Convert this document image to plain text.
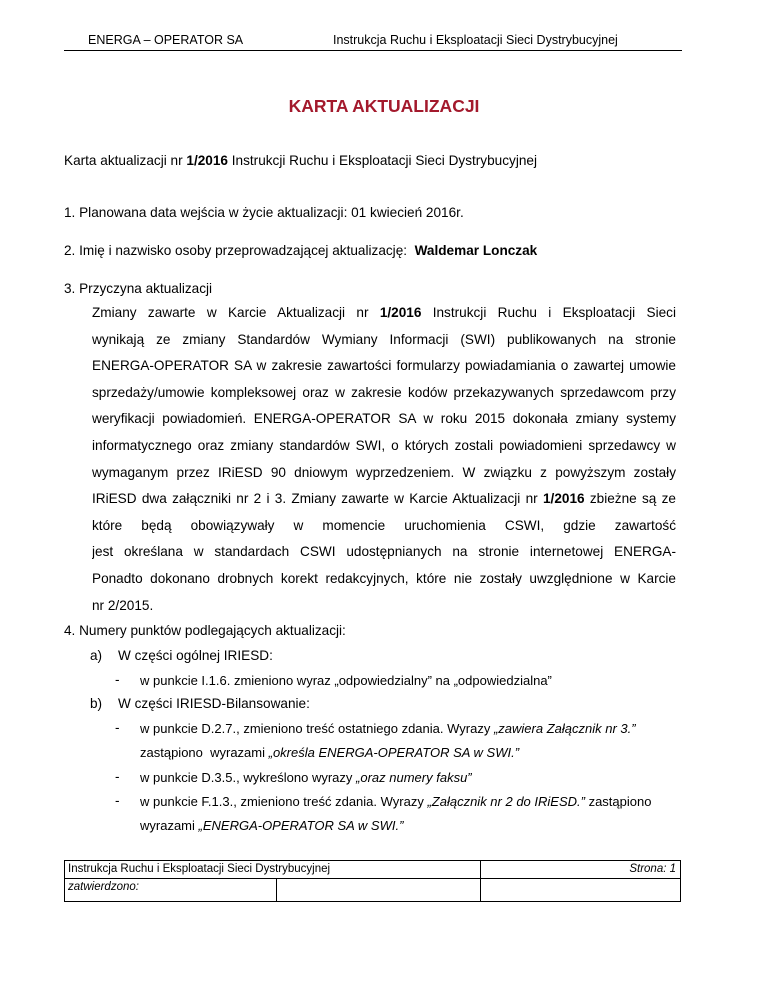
ENERGA – OPERATOR SA	Instrukcja Ruchu i Eksploatacji Sieci Dystrybucyjnej
KARTA AKTUALIZACJI
Karta aktualizacji nr 1/2016 Instrukcji Ruchu i Eksploatacji Sieci Dystrybucyjnej
1. Planowana data wejścia w życie aktualizacji: 01 kwiecień 2016r.
2. Imię i nazwisko osoby przeprowadzającej aktualizację:  Waldemar Lonczak
3. Przyczyna aktualizacji
Zmiany zawarte w Karcie Aktualizacji nr 1/2016 Instrukcji Ruchu i Eksploatacji Sieci
wynikają ze zmiany Standardów Wymiany Informacji (SWI) publikowanych na stronie
ENERGA-OPERATOR SA w zakresie zawartości formularzy powiadamiania o zawartej umowie
sprzedaży/umowie kompleksowej oraz w zakresie kodów przekazywanych sprzedawcom przy
weryfikacji powiadomień. ENERGA-OPERATOR SA w roku 2015 dokonała zmiany systemy
informatycznego oraz zmiany standardów SWI, o których zostali powiadomieni sprzedawcy w
wymaganym przez IRiESD 90 dniowym wyprzedzeniem. W związku z powyższym zostały
IRiESD dwa załączniki nr 2 i 3. Zmiany zawarte w Karcie Aktualizacji nr 1/2016 zbieżne są ze
które będą obowiązywały w momencie uruchomienia CSWI, gdzie zawartość
jest określana w standardach CSWI udostępnianych na stronie internetowej ENERGA-
Ponadto dokonano drobnych korekt redakcyjnych, które nie zostały uwzględnione w Karcie
nr 2/2015.
4. Numery punktów podlegających aktualizacji:
a) W części ogólnej IRIESD:
- w punkcie I.1.6. zmieniono wyraz „odpowiedzialny” na „odpowiedzialna”
b) W części IRIESD-Bilansowanie:
- w punkcie D.2.7., zmieniono treść ostatniego zdania. Wyrazy „zawiera Załącznik nr 3.”
zastąpiono  wyrazami „określa ENERGA-OPERATOR SA w SWI.”
- w punkcie D.3.5., wykreślono wyrazy „oraz numery faksu”
- w punkcie F.1.3., zmieniono treść zdania. Wyrazy „Załącznik nr 2 do IRiESD.” zastąpiono
wyrazami „ENERGA-OPERATOR SA w SWI.”
Instrukcja Ruchu i Eksploatacji Sieci Dystrybucyjnej	Strona: 1
zatwierdzono:
